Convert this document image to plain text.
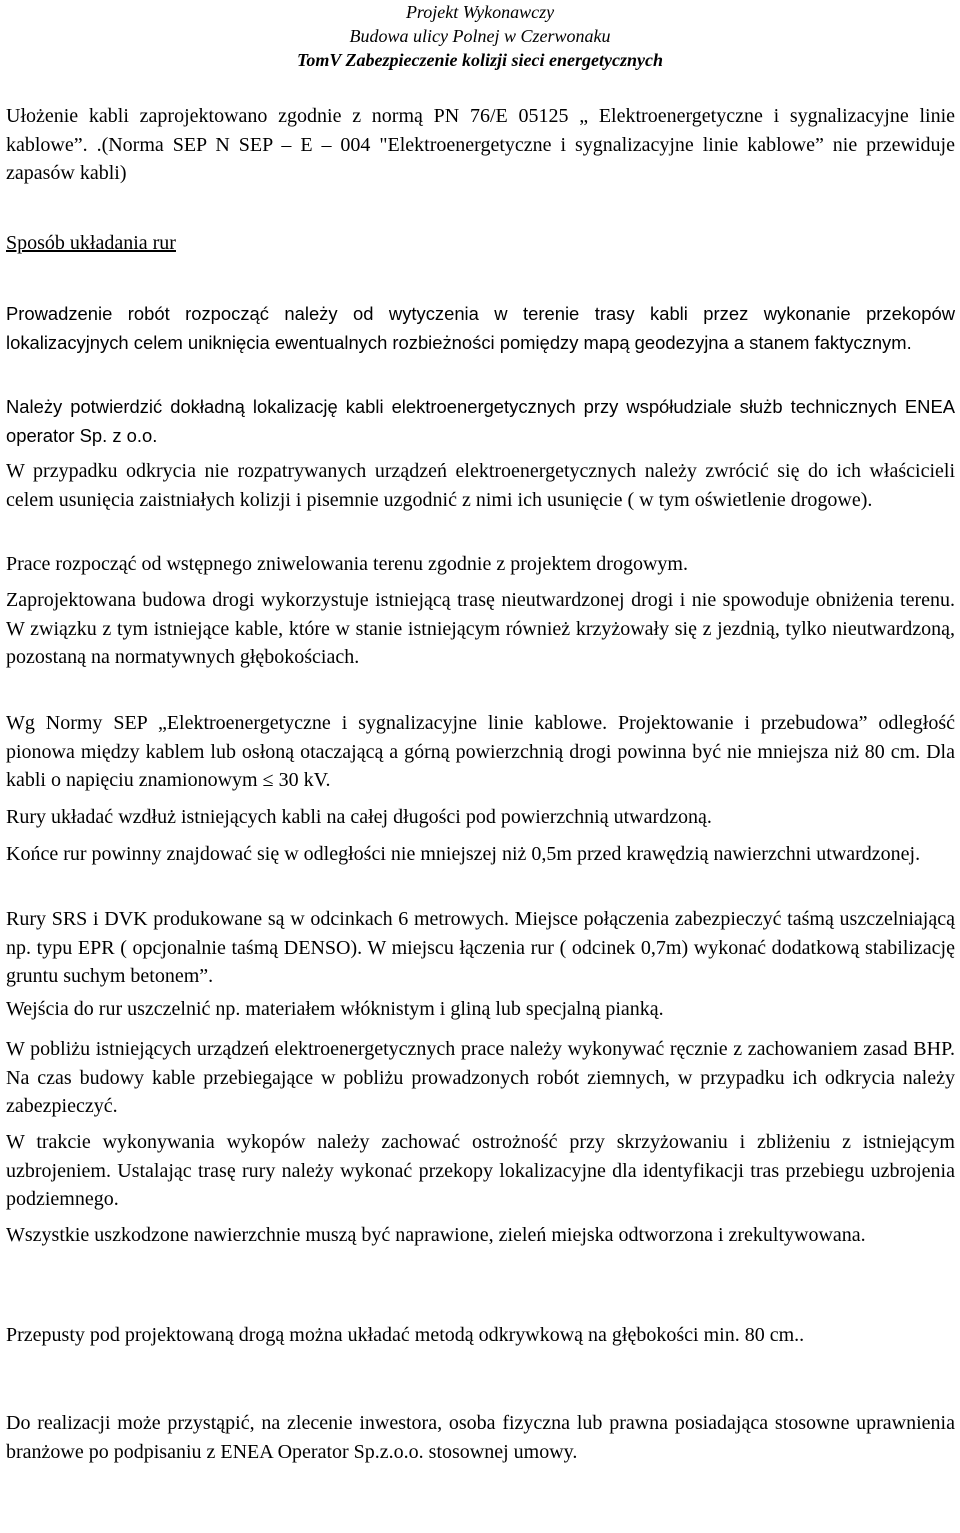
Projekt Wykonawczy
Budowa ulicy Polnej w Czerwonaku
TomV Zabezpieczenie kolizji sieci energetycznych

Ułożenie kabli zaprojektowano zgodnie z normą PN 76/E 05125 „ Elektroenergetyczne i sygnalizacyjne linie kablowe”. .(Norma SEP N SEP – E – 004 "Elektroenergetyczne i sygnalizacyjne linie kablowe” nie przewiduje zapasów kabli)

Sposób układania rur

Prowadzenie robót rozpocząć należy od wytyczenia w terenie trasy kabli przez wykonanie przekopów lokalizacyjnych celem uniknięcia ewentualnych rozbieżności pomiędzy mapą geodezyjna a stanem faktycznym.

Należy potwierdzić dokładną lokalizację kabli elektroenergetycznych przy współudziale służb technicznych ENEA operator Sp. z o.o.

W przypadku odkrycia nie rozpatrywanych urządzeń elektroenergetycznych należy zwrócić się do ich właścicieli celem usunięcia zaistniałych kolizji i pisemnie uzgodnić z nimi ich usunięcie ( w tym oświetlenie drogowe).

Prace rozpocząć od wstępnego zniwelowania terenu zgodnie z projektem drogowym.

Zaprojektowana budowa drogi wykorzystuje istniejącą trasę nieutwardzonej drogi i nie spowoduje obniżenia terenu. W związku z tym istniejące kable, które w stanie istniejącym również krzyżowały się z jezdnią, tylko nieutwardzoną, pozostaną na normatywnych głębokościach.

Wg Normy SEP „Elektroenergetyczne i sygnalizacyjne linie kablowe. Projektowanie i przebudowa” odległość pionowa między kablem lub osłoną otaczającą a górną powierzchnią drogi powinna być nie mniejsza niż 80 cm. Dla kabli o napięciu znamionowym ≤ 30 kV.

Rury układać wzdłuż istniejących kabli na całej długości pod powierzchnią utwardzoną.

Końce rur powinny znajdować się w odległości nie mniejszej niż 0,5m przed krawędzią nawierzchni utwardzonej.

Rury SRS i DVK produkowane są w odcinkach 6 metrowych. Miejsce połączenia zabezpieczyć taśmą uszczelniającą np. typu EPR ( opcjonalnie taśmą DENSO). W miejscu łączenia rur ( odcinek 0,7m) wykonać dodatkową stabilizację gruntu suchym betonem”.

Wejścia do rur uszczelnić np. materiałem włóknistym i gliną lub specjalną pianką.

W pobliżu istniejących urządzeń elektroenergetycznych prace należy wykonywać ręcznie z zachowaniem zasad BHP. Na czas budowy kable przebiegające w pobliżu prowadzonych robót ziemnych, w przypadku ich odkrycia należy zabezpieczyć.

W trakcie wykonywania wykopów należy zachować ostrożność przy skrzyżowaniu i zbliżeniu z istniejącym uzbrojeniem. Ustalając trasę rury należy wykonać przekopy lokalizacyjne dla identyfikacji tras przebiegu uzbrojenia podziemnego.

Wszystkie uszkodzone nawierzchnie muszą być naprawione, zieleń miejska odtworzona i zrekultywowana.

Przepusty pod projektowaną drogą można układać metodą odkrywkową na głębokości min. 80 cm..

Do realizacji może przystąpić, na zlecenie inwestora, osoba fizyczna lub prawna posiadająca stosowne uprawnienia branżowe po podpisaniu z ENEA Operator Sp.z.o.o. stosownej umowy.
